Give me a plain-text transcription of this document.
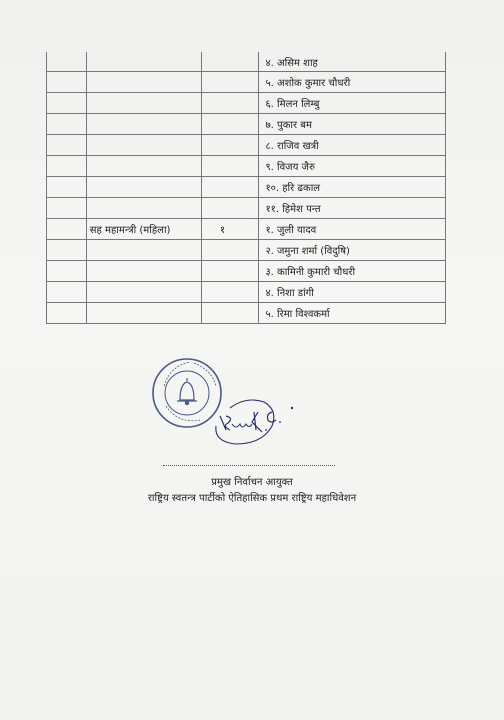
			४. असिम शाह
			५. अशोक कुमार चौधरी
			६. मिलन लिम्बु
			७. पुकार बम
			८. राजिव खत्री
			९. विजय जैरु
			१०. हरि ढकाल
			११. हिमेश पन्त
	सह महामन्त्री (महिला)	१	१. जुली यादव
			२. जमुना शर्मा (विदुषि)
			३. कामिनी कुमारी चौधरी
			४. निशा डांगी
			५. रिमा विश्वकर्मा
प्रमुख निर्वाचन आयुक्त
राष्ट्रिय स्वतन्त्र पार्टीको ऐतिहासिक प्रथम राष्ट्रिय महाधिवेशन
